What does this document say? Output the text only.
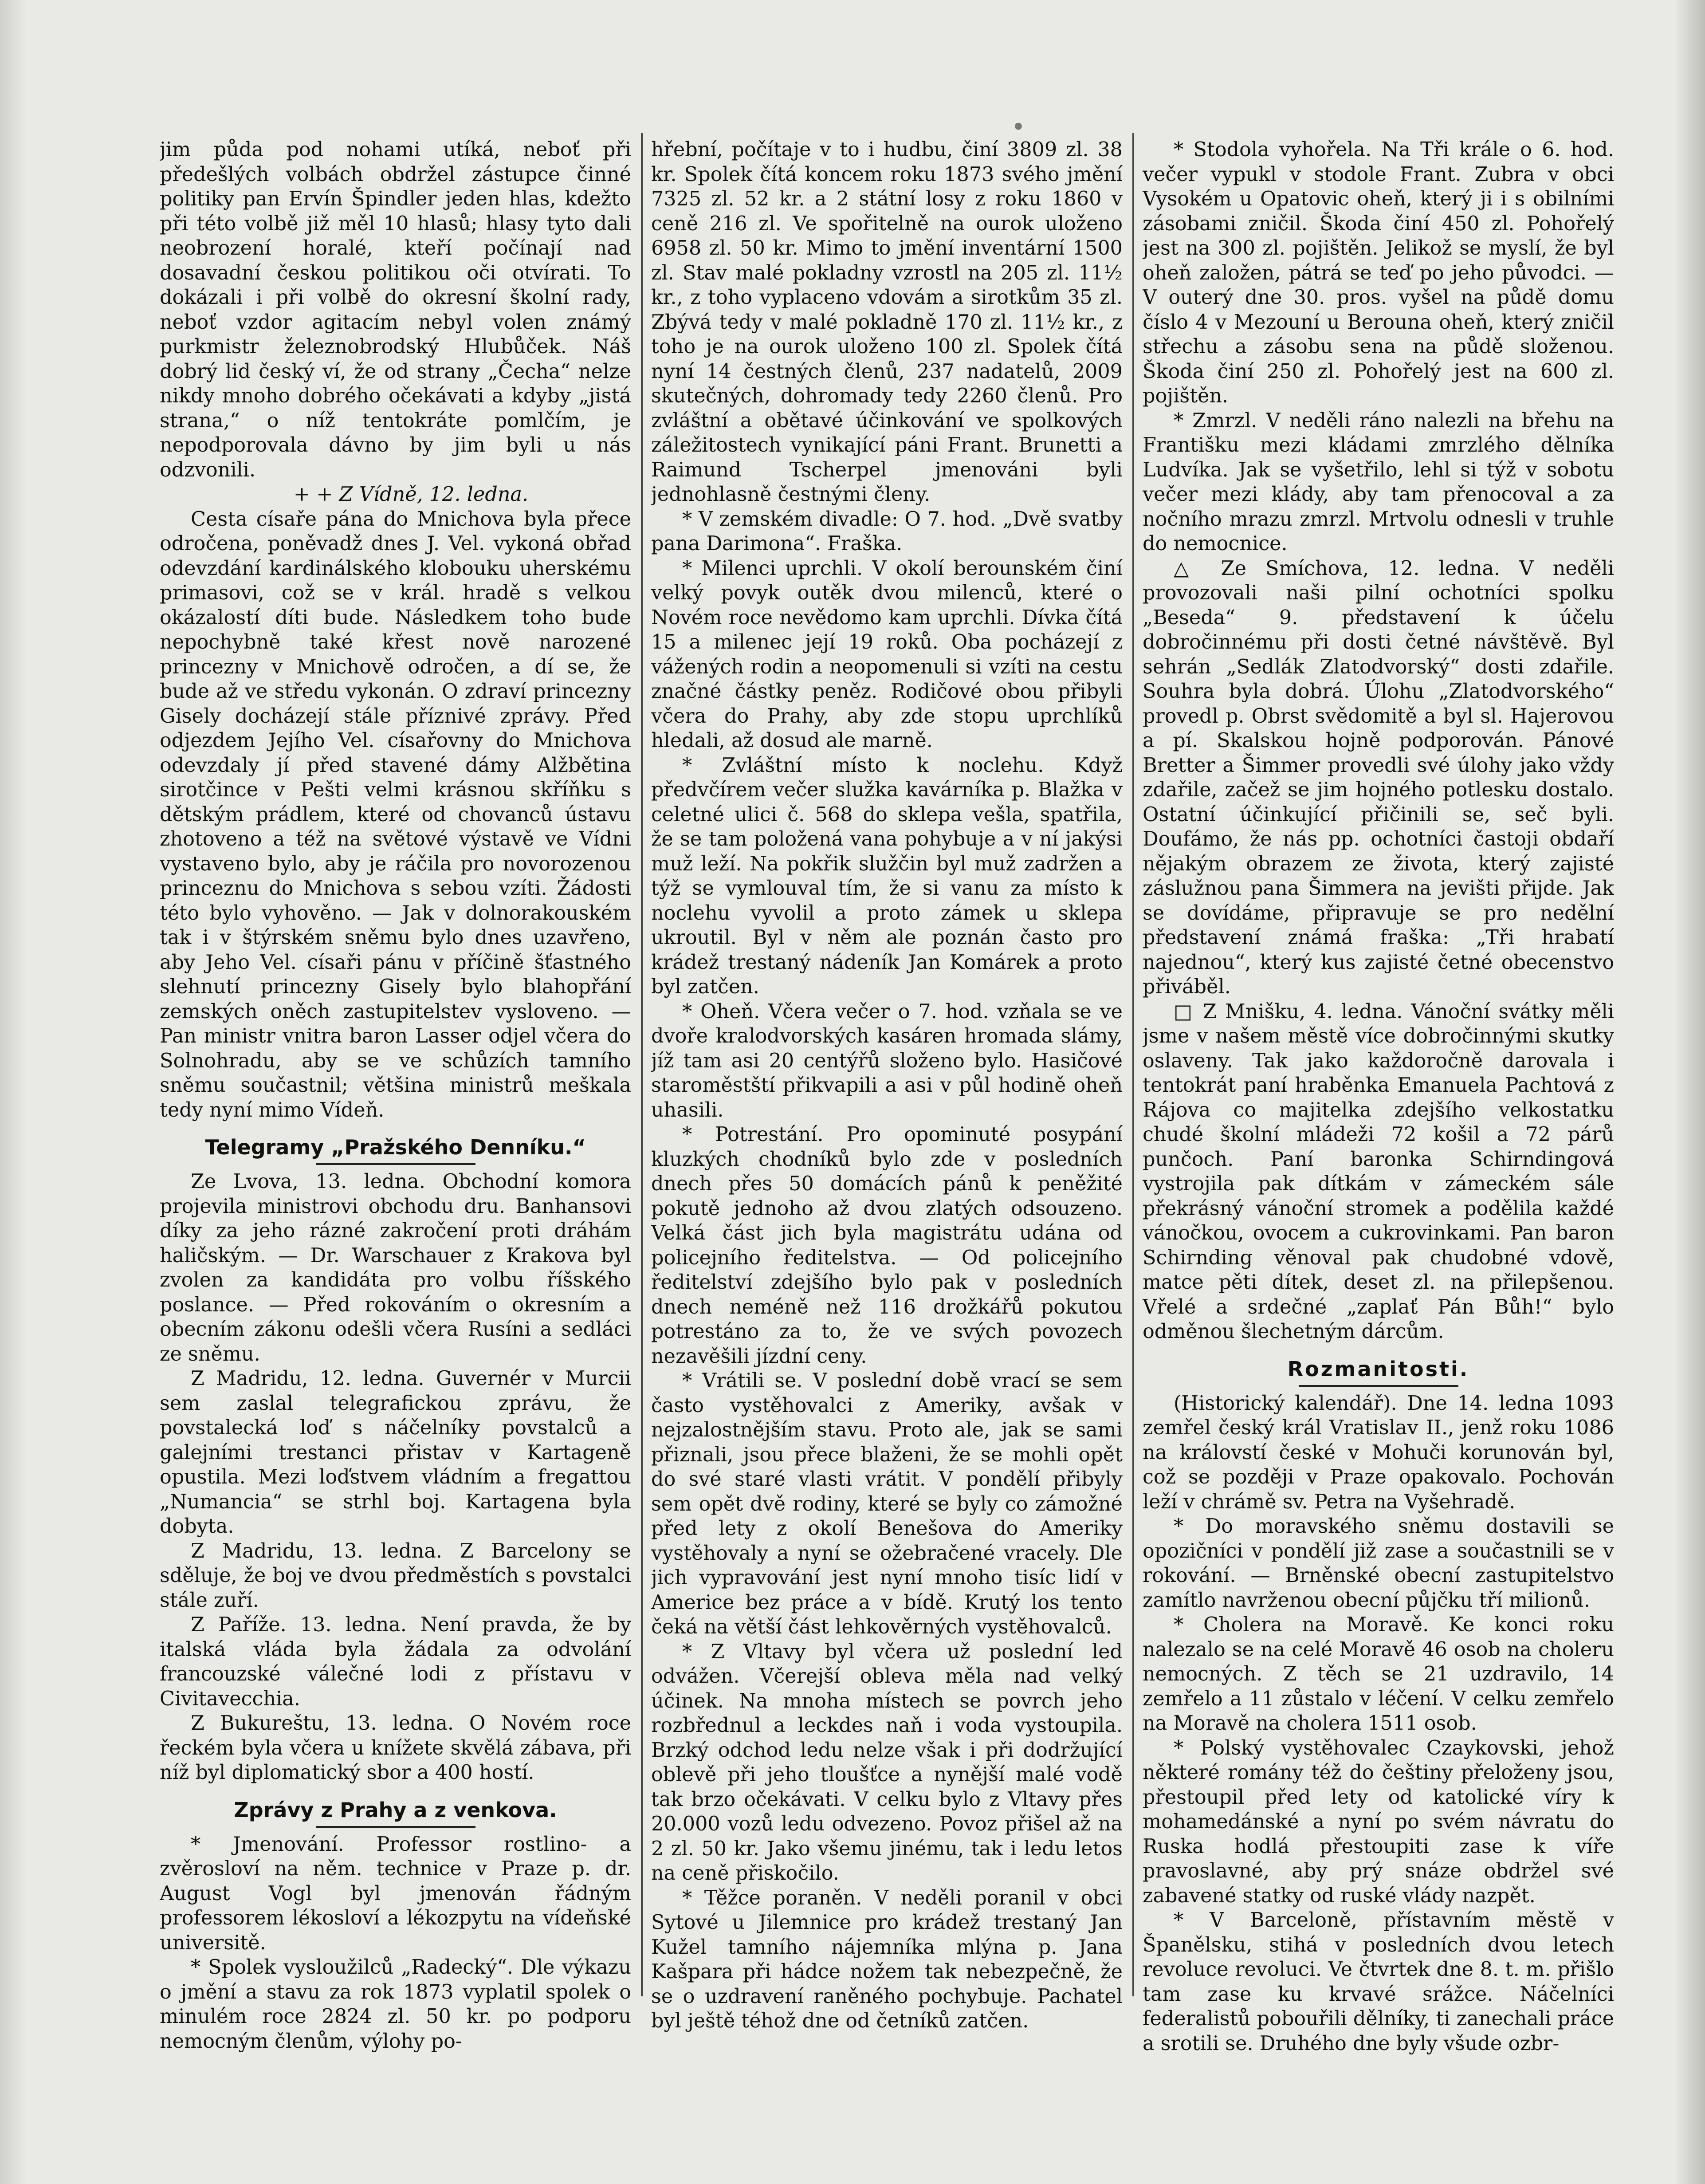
•

jim půda pod nohami utíká, neboť při předešlých volbách obdržel zástupce činné politiky pan Ervín Špindler jeden hlas, kdežto při této volbě již měl 10 hlasů; hlasy tyto dali neobrození horalé, kteří počínají nad dosavadní českou politikou oči otvírati. To dokázali i při volbě do okresní školní rady, neboť vzdor agitacím nebyl volen známý purkmistr železnobrodský Hlubůček. Náš dobrý lid český ví, že od strany „Čecha“ nelze nikdy mnoho dobrého očekávati a kdyby „jistá strana,“ o níž tentokráte pomlčím, je nepodporovala dávno by jim byli u nás odzvonili.

+ + Z Vídně, 12. ledna.

Cesta císaře pána do Mnichova byla přece odročena, poněvadž dnes J. Vel. vykoná obřad odevzdání kardinálského klobouku uherskému primasovi, což se v král. hradě s velkou okázalostí díti bude. Následkem toho bude nepochybně také křest nově narozené princezny v Mnichově odročen, a dí se, že bude až ve středu vykonán. O zdraví princezny Gisely docházejí stále příznivé zprávy. Před odjezdem Jejího Vel. císařovny do Mnichova odevzdaly jí před stavené dámy Alžbětina sirotčince v Pešti velmi krásnou skříňku s dětským prádlem, které od chovanců ústavu zhotoveno a též na světové výstavě ve Vídni vystaveno bylo, aby je ráčila pro novorozenou princeznu do Mnichova s sebou vzíti. Žádosti této bylo vyhověno. — Jak v dolnorakouském tak i v štýrském sněmu bylo dnes uzavřeno, aby Jeho Vel. císaři pánu v příčině šťastného slehnutí princezny Gisely bylo blahopřání zemských oněch zastupitelstev vysloveno. — Pan ministr vnitra baron Lasser odjel včera do Solnohradu, aby se ve schůzích tamního sněmu součastnil; většina ministrů meškala tedy nyní mimo Vídeň.

Telegramy „Pražského Denníku.“

Ze Lvova, 13. ledna. Obchodní komora projevila ministrovi obchodu dru. Banhansovi díky za jeho rázné zakročení proti dráhám haličským. — Dr. Warschauer z Krakova byl zvolen za kandidáta pro volbu říšského poslance. — Před rokováním o okresním a obecním zákonu odešli včera Rusíni a sedláci ze sněmu.

Z Madridu, 12. ledna. Guvernér v Murcii sem zaslal telegrafickou zprávu, že povstalecká loď s náčelníky povstalců a galejními trestanci přistav v Kartageně opustila. Mezi loďstvem vládním a fregattou „Numancia“ se strhl boj. Kartagena byla dobyta.

Z Madridu, 13. ledna. Z Barcelony se sděluje, že boj ve dvou předměstích s povstalci stále zuří.

Z Paříže. 13. ledna. Není pravda, že by italská vláda byla žádala za odvolání francouzské válečné lodi z přístavu v Civitavecchia.

Z Bukureštu, 13. ledna. O Novém roce řeckém byla včera u knížete skvělá zábava, při níž byl diplomatický sbor a 400 hostí.

Zprávy z Prahy a z venkova.

* Jmenování. Professor rostlino- a zvěrosloví na něm. technice v Praze p. dr. August Vogl byl jmenován řádným professorem lékosloví a lékozpytu na vídeňské universitě.

* Spolek vysloužilců „Radecký“. Dle výkazu o jmění a stavu za rok 1873 vyplatil spolek o minulém roce 2824 zl. 50 kr. po podporu nemocným členům, výlohy po-

hřební, počítaje v to i hudbu, činí 3809 zl. 38 kr. Spolek čítá koncem roku 1873 svého jmění 7325 zl. 52 kr. a 2 státní losy z roku 1860 v ceně 216 zl. Ve spořitelně na ourok uloženo 6958 zl. 50 kr. Mimo to jmění inventární 1500 zl. Stav malé pokladny vzrostl na 205 zl. 11½ kr., z toho vyplaceno vdovám a sirotkům 35 zl. Zbývá tedy v malé pokladně 170 zl. 11½ kr., z toho je na ourok uloženo 100 zl. Spolek čítá nyní 14 čestných členů, 237 nadatelů, 2009 skutečných, dohromady tedy 2260 členů. Pro zvláštní a obětavé účinkování ve spolkových záležitostech vynikající páni Frant. Brunetti a Raimund Tscherpel jmenováni byli jednohlasně čestnými členy.

* V zemském divadle: O 7. hod. „Dvě svatby pana Darimona“. Fraška.

* Milenci uprchli. V okolí berounském činí velký povyk outěk dvou milenců, které o Novém roce nevědomo kam uprchli. Dívka čítá 15 a milenec její 19 roků. Oba pocházejí z vážených rodin a neopomenuli si vzíti na cestu značné částky peněz. Rodičové obou přibyli včera do Prahy, aby zde stopu uprchlíků hledali, až dosud ale marně.

* Zvláštní místo k noclehu. Když předvčírem večer služka kavárníka p. Blažka v celetné ulici č. 568 do sklepa vešla, spatřila, že se tam položená vana pohybuje a v ní jakýsi muž leží. Na pokřik služčin byl muž zadržen a týž se vymlouval tím, že si vanu za místo k noclehu vyvolil a proto zámek u sklepa ukroutil. Byl v něm ale poznán často pro krádež trestaný nádeník Jan Komárek a proto byl zatčen.

* Oheň. Včera večer o 7. hod. vzňala se ve dvoře kralodvorských kasáren hromada slámy, jíž tam asi 20 centýřů složeno bylo. Hasičové staroměstští přikvapili a asi v půl hodině oheň uhasili.

* Potrestání. Pro opominuté posypání kluzkých chodníků bylo zde v posledních dnech přes 50 domácích pánů k peněžité pokutě jednoho až dvou zlatých odsouzeno. Velká část jich byla magistrátu udána od policejního ředitelstva. — Od policejního ředitelství zdejšího bylo pak v posledních dnech neméně než 116 drožkářů pokutou potrestáno za to, že ve svých povozech nezavěšili jízdní ceny.

* Vrátili se. V poslední době vrací se sem často vystěhovalci z Ameriky, avšak v nejzalostnějším stavu. Proto ale, jak se sami přiznali, jsou přece blaženi, že se mohli opět do své staré vlasti vrátit. V pondělí přibyly sem opět dvě rodiny, které se byly co zámožné před lety z okolí Benešova do Ameriky vystěhovaly a nyní se ožebračené vracely. Dle jich vypravování jest nyní mnoho tisíc lidí v Americe bez práce a v bídě. Krutý los tento čeká na větší část lehkověrných vystěhovalců.

* Z Vltavy byl včera už poslední led odvážen. Včerejší obleva měla nad velký účinek. Na mnoha místech se povrch jeho rozbřednul a leckdes naň i voda vystoupila. Brzký odchod ledu nelze však i při dodržující oblevě při jeho tloušťce a nynější malé vodě tak brzo očekávati. V celku bylo z Vltavy přes 20.000 vozů ledu odvezeno. Povoz přišel až na 2 zl. 50 kr. Jako všemu jinému, tak i ledu letos na ceně přiskočilo.

* Těžce poraněn. V neděli poranil v obci Sytové u Jilemnice pro krádež trestaný Jan Kužel tamního nájemníka mlýna p. Jana Kašpara při hádce nožem tak nebezpečně, že se o uzdravení raněného pochybuje. Pachatel byl ještě téhož dne od četníků zatčen.

* Stodola vyhořela. Na Tři krále o 6. hod. večer vypukl v stodole Frant. Zubra v obci Vysokém u Opatovic oheň, který ji i s obilními zásobami zničil. Škoda činí 450 zl. Pohořelý jest na 300 zl. pojištěn. Jelikož se myslí, že byl oheň založen, pátrá se teď po jeho původci. — V outerý dne 30. pros. vyšel na půdě domu číslo 4 v Mezouní u Berouna oheň, který zničil střechu a zásobu sena na půdě složenou. Škoda činí 250 zl. Pohořelý jest na 600 zl. pojištěn.

* Zmrzl. V neděli ráno nalezli na břehu na Františku mezi kládami zmrzlého dělníka Ludvíka. Jak se vyšetřilo, lehl si týž v sobotu večer mezi klády, aby tam přenocoval a za nočního mrazu zmrzl. Mrtvolu odnesli v truhle do nemocnice.

△ Ze Smíchova, 12. ledna. V neděli provozovali naši pilní ochotníci spolku „Beseda“ 9. představení k účelu dobročinnému při dosti četné návštěvě. Byl sehrán „Sedlák Zlatodvorský“ dosti zdařile. Souhra byla dobrá. Úlohu „Zlatodvorského“ provedl p. Obrst svědomitě a byl sl. Hajerovou a pí. Skalskou hojně podporován. Pánové Bretter a Šimmer provedli své úlohy jako vždy zdařile, začež se jim hojného potlesku dostalo. Ostatní účinkující přičinili se, seč byli. Doufámo, že nás pp. ochotníci častoji obdaří nějakým obrazem ze života, který zajisté záslužnou pana Šimmera na jevišti přijde. Jak se dovídáme, připravuje se pro nedělní představení známá fraška: „Tři hrabatí najednou“, který kus zajisté četné obecenstvo přiváběl.

□ Z Mnišku, 4. ledna. Vánoční svátky měli jsme v našem městě více dobročinnými skutky oslaveny. Tak jako každoročně darovala i tentokrát paní hraběnka Emanuela Pachtová z Rájova co majitelka zdejšího velkostatku chudé školní mládeži 72 košil a 72 párů punčoch. Paní baronka Schirndingová vystrojila pak dítkám v zámeckém sále překrásný vánoční stromek a podělila každé vánočkou, ovocem a cukrovinkami. Pan baron Schirnding věnoval pak chudobné vdově, matce pěti dítek, deset zl. na přilepšenou. Vřelé a srdečné „zaplať Pán Bůh!“ bylo odměnou šlechetným dárcům.

Rozmanitosti.

(Historický kalendář). Dne 14. ledna 1093 zemřel český král Vratislav II., jenž roku 1086 na královstí české v Mohuči korunován byl, což se později v Praze opakovalo. Pochován leží v chrámě sv. Petra na Vyšehradě.

* Do moravského sněmu dostavili se opozičníci v pondělí již zase a součastnili se v rokování. — Brněnské obecní zastupitelstvo zamítlo navrženou obecní půjčku tří milionů.

* Cholera na Moravě. Ke konci roku nalezalo se na celé Moravě 46 osob na choleru nemocných. Z těch se 21 uzdravilo, 14 zemřelo a 11 zůstalo v léčení. V celku zemřelo na Moravě na cholera 1511 osob.

* Polský vystěhovalec Czaykovski, jehož některé romány též do češtiny přeloženy jsou, přestoupil před lety od katolické víry k mohamedánské a nyní po svém návratu do Ruska hodlá přestoupiti zase k víře pravoslavné, aby prý snáze obdržel své zabavené statky od ruské vlády nazpět.

* V Barceloně, přístavním městě v Španělsku, stihá v posledních dvou letech revoluce revoluci. Ve čtvrtek dne 8. t. m. přišlo tam zase ku krvavé srážce. Náčelníci federalistů pobouřili dělníky, ti zanechali práce a srotili se. Druhého dne byly všude ozbr-
